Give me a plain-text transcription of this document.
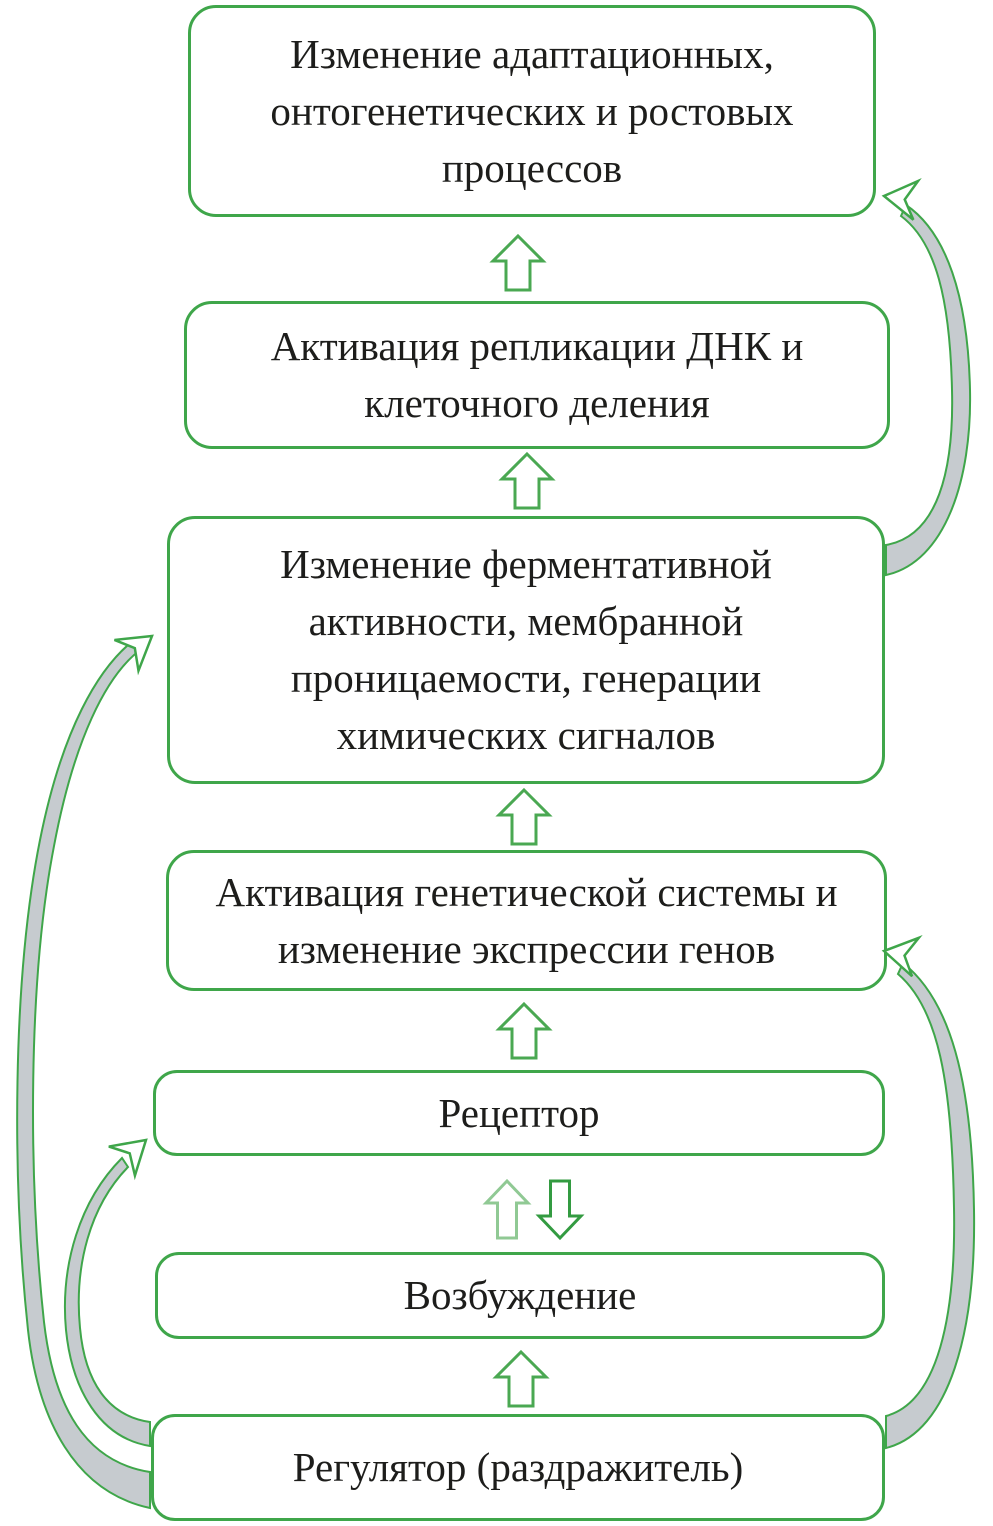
Изменение адаптационных,
онтогенетических и ростовых
процессов
Активация репликации ДНК и
клеточного деления
Изменение ферментативной
активности, мембранной
проницаемости, генерации
химических сигналов
Активация генетической системы и
изменение экспрессии генов
Рецептор
Возбуждение
Регулятор (раздражитель)
